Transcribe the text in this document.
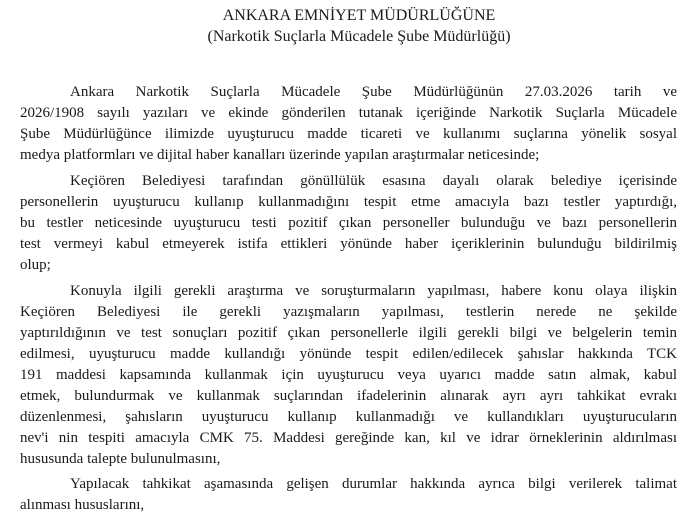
ANKARA EMNİYET MÜDÜRLÜĞÜNE
(Narkotik Suçlarla Mücadele Şube Müdürlüğü)
Ankara Narkotik Suçlarla Mücadele Şube Müdürlüğünün 27.03.2026 tarih ve
2026/1908 sayılı yazıları ve ekinde gönderilen tutanak içeriğinde Narkotik Suçlarla Mücadele
Şube Müdürlüğünce ilimizde uyuşturucu madde ticareti ve kullanımı suçlarına yönelik sosyal
medya platformları ve dijital haber kanalları üzerinde yapılan araştırmalar neticesinde;
Keçiören Belediyesi tarafından gönüllülük esasına dayalı olarak belediye içerisinde
personellerin uyuşturucu kullanıp kullanmadığını tespit etme amacıyla bazı testler yaptırdığı,
bu testler neticesinde uyuşturucu testi pozitif çıkan personeller bulunduğu ve bazı personellerin
test vermeyi kabul etmeyerek istifa ettikleri yönünde haber içeriklerinin bulunduğu bildirilmiş
olup;
Konuyla ilgili gerekli araştırma ve soruşturmaların yapılması, habere konu olaya ilişkin
Keçiören Belediyesi ile gerekli yazışmaların yapılması, testlerin nerede ne şekilde
yaptırıldığının ve test sonuçları pozitif çıkan personellerle ilgili gerekli bilgi ve belgelerin temin
edilmesi, uyuşturucu madde kullandığı yönünde tespit edilen/edilecek şahıslar hakkında TCK
191 maddesi kapsamında kullanmak için uyuşturucu veya uyarıcı madde satın almak, kabul
etmek, bulundurmak ve kullanmak suçlarından ifadelerinin alınarak ayrı ayrı tahkikat evrakı
düzenlenmesi, şahısların uyuşturucu kullanıp kullanmadığı ve kullandıkları uyuşturucuların
nev'i nin tespiti amacıyla CMK 75. Maddesi gereğinde kan, kıl ve idrar örneklerinin aldırılması
hususunda talepte bulunulmasını,
Yapılacak tahkikat aşamasında gelişen durumlar hakkında ayrıca bilgi verilerek talimat
alınması hususlarını,
